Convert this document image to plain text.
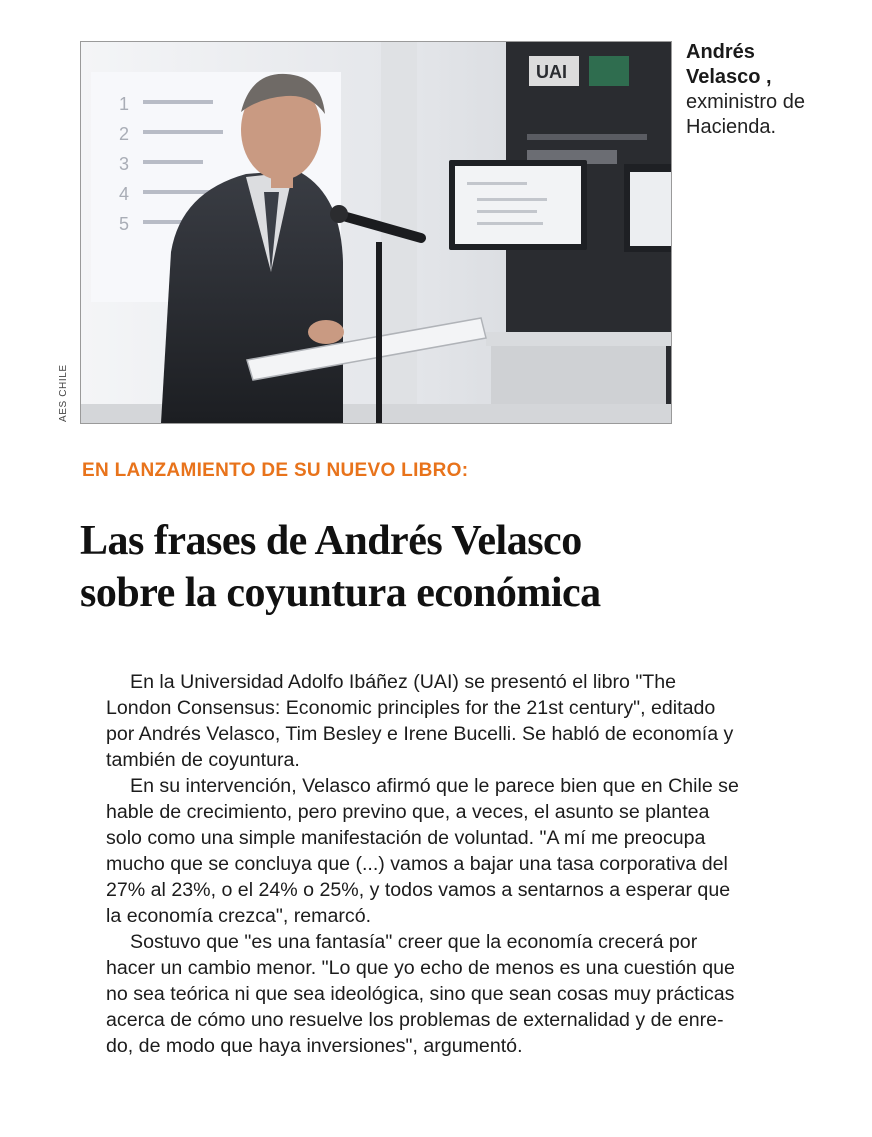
1
2
3
4
5
UAI
AES CHILE
Andrés
Velasco ,
exministro de
Hacienda.
EN LANZAMIENTO DE SU NUEVO LIBRO:
Las frases de Andrés Velasco
sobre la coyuntura económica

En la Universidad Adolfo Ibáñez (UAI) se presentó el libro "The
London Consensus: Economic principles for the 21st century", editado
por Andrés Velasco, Tim Besley e Irene Bucelli. Se habló de economía y
también de coyuntura.

En su intervención, Velasco afirmó que le parece bien que en Chile se
hable de crecimiento, pero previno que, a veces, el asunto se plantea
solo como una simple manifestación de voluntad. "A mí me preocupa
mucho que se concluya que (...) vamos a bajar una tasa corporativa del
27% al 23%, o el 24% o 25%, y todos vamos a sentarnos a esperar que
la economía crezca", remarcó.

Sostuvo que "es una fantasía" creer que la economía crecerá por
hacer un cambio menor. "Lo que yo echo de menos es una cuestión que
no sea teórica ni que sea ideológica, sino que sean cosas muy prácticas
acerca de cómo uno resuelve los problemas de externalidad y de enre-
do, de modo que haya inversiones", argumentó.
